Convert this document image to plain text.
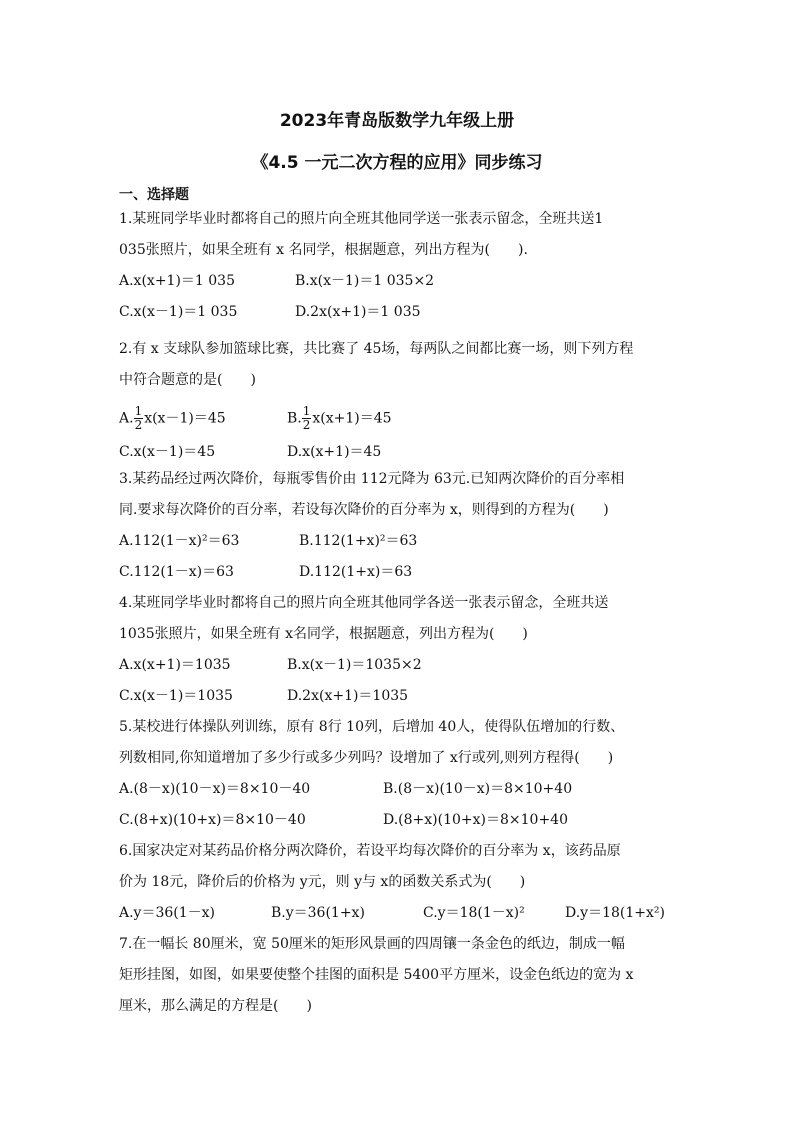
2023年青岛版数学九年级上册
《4.5 一元二次方程的应用》同步练习
一、选择题
1.某班同学毕业时都将自己的照片向全班其他同学送一张表示留念，全班共送1
035张照片，如果全班有 x 名同学，根据题意，列出方程为(　　).
A.x(x+1)＝1 035	B.x(x－1)＝1 035×2
C.x(x－1)＝1 035	D.2x(x+1)＝1 035
2.有 x 支球队参加篮球比赛，共比赛了 45场，每两队之间都比赛一场，则下列方程
中符合题意的是(　　)
A. $\frac{1}{2} x(x-1)=45$	B. $\frac{1}{2} x(x+1)=45$
C.x(x－1)＝45	D.x(x+1)＝45
3.某药品经过两次降价，每瓶零售价由 112元降为 63元.已知两次降价的百分率相
同.要求每次降价的百分率，若设每次降价的百分率为 x，则得到的方程为(　　)
A.112(1－x)²＝63	B.112(1+x)²＝63
C.112(1－x)＝63	D.112(1+x)＝63
4.某班同学毕业时都将自己的照片向全班其他同学各送一张表示留念，全班共送
1035张照片，如果全班有 x名同学，根据题意，列出方程为(　　)
A.x(x+1)＝1035	B.x(x－1)＝1035×2
C.x(x－1)＝1035	D.2x(x+1)＝1035
5.某校进行体操队列训练，原有 8行 10列，后增加 40人，使得队伍增加的行数、
列数相同,你知道增加了多少行或多少列吗？设增加了 x行或列,则列方程得(　　)
A.(8－x)(10－x)＝8×10－40	B.(8－x)(10－x)＝8×10+40
C.(8+x)(10+x)＝8×10－40	D.(8+x)(10+x)＝8×10+40
6.国家决定对某药品价格分两次降价，若设平均每次降价的百分率为 x，该药品原
价为 18元，降价后的价格为 y元，则 y与 x的函数关系式为(　　)
A.y＝36(1－x)	B.y＝36(1+x)	C.y＝18(1－x)²	D.y＝18(1+x²)
7.在一幅长 80厘米，宽 50厘米的矩形风景画的四周镶一条金色的纸边，制成一幅
矩形挂图，如图，如果要使整个挂图的面积是 5400平方厘米，设金色纸边的宽为 x
厘米，那么满足的方程是(　　)
